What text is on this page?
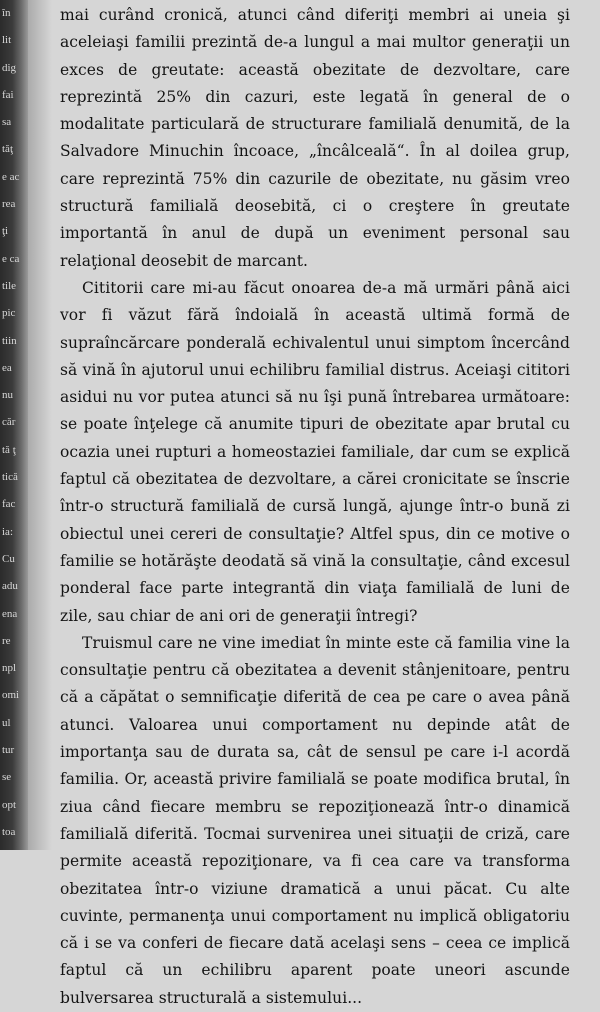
în
lit
dig
fai
sa
tăţ
e ac
rea
ţi
e ca
tile
pic
tiin
ea
nu
căr
tă ţ
tică
fac
ia:
Cu
adu
ena
re
npl
omi
ul
tur
se
opt
toa

mai curând cronică, atunci când diferiţi membri ai uneia şi aceleiaşi familii prezintă de-a lungul a mai multor generaţii un exces de greutate: această obezitate de dezvoltare, care reprezintă 25% din cazuri, este legată în general de o modalitate particulară de structurare familială denumită, de la Salvadore Minuchin încoace, „încâlceală“. În al doilea grup, care reprezintă 75% din cazurile de obezitate, nu găsim vreo structură familială deosebită, ci o creştere în greutate importantă în anul de după un eveniment personal sau relaţional deosebit de marcant.

Cititorii care mi-au făcut onoarea de-a mă urmări până aici vor fi văzut fără îndoială în această ultimă formă de supraîncărcare ponderală echivalentul unui simptom încercând să vină în ajutorul unui echilibru familial distrus. Aceiaşi cititori asidui nu vor putea atunci să nu îşi pună întrebarea următoare: se poate înţelege că anumite tipuri de obezitate apar brutal cu ocazia unei rupturi a homeostaziei familiale, dar cum se explică faptul că obezitatea de dezvoltare, a cărei cronicitate se înscrie într-o structură familială de cursă lungă, ajunge într-o bună zi obiectul unei cereri de consultaţie? Altfel spus, din ce motive o familie se hotărăşte deodată să vină la consultaţie, când excesul ponderal face parte integrantă din viaţa familială de luni de zile, sau chiar de ani ori de generaţii întregi?

Truismul care ne vine imediat în minte este că familia vine la consultaţie pentru că obezitatea a devenit stânjenitoare, pentru că a căpătat o semnificaţie diferită de cea pe care o avea până atunci. Valoarea unui comportament nu depinde atât de importanţa sau de durata sa, cât de sensul pe care i-l acordă familia. Or, această privire familială se poate modifica brutal, în ziua când fiecare membru se repoziţionează într-o dinamică familială diferită. Tocmai survenirea unei situaţii de criză, care permite această repoziţionare, va fi cea care va transforma obezitatea într-o viziune dramatică a unui păcat. Cu alte cuvinte, permanenţa unui comportament nu implică obligatoriu că i se va conferi de fiecare dată acelaşi sens – ceea ce implică faptul că un echilibru aparent poate uneori ascunde bulversarea structurală a sistemului...
